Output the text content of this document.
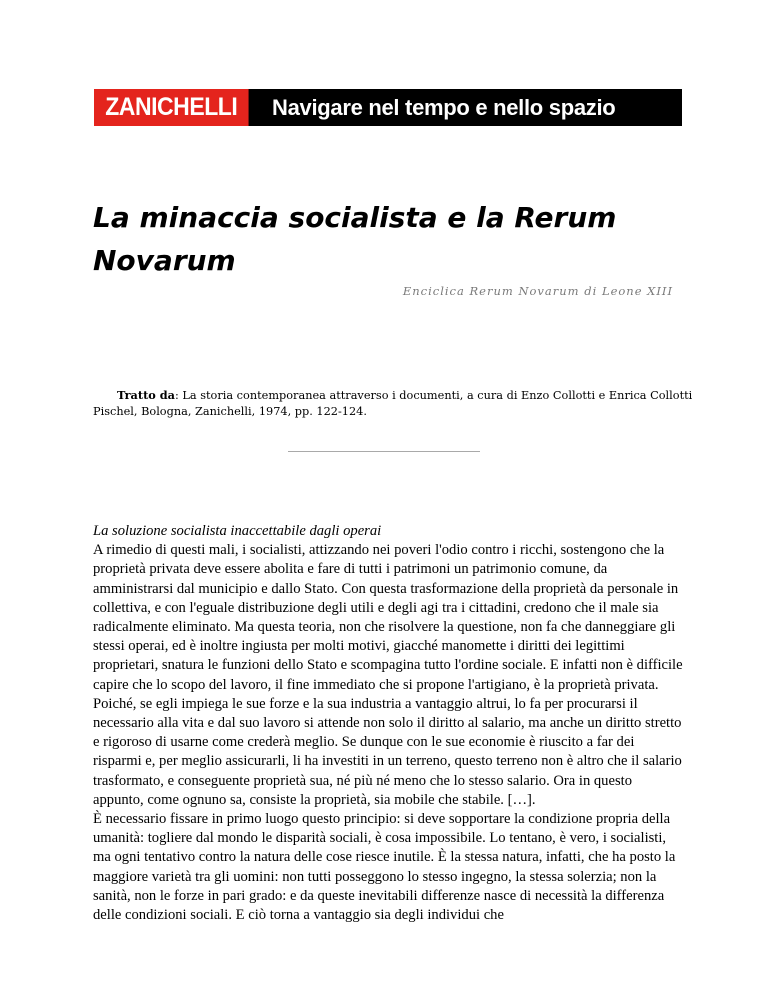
ZANICHELLI	Navigare nel tempo e nello spazio
La minaccia socialista e la Rerum Novarum
Enciclica Rerum Novarum di Leone XIII

Tratto da: La storia contemporanea attraverso i documenti, a cura di Enzo Collotti e Enrica Collotti Pischel, Bologna, Zanichelli, 1974, pp. 122-124.

La soluzione socialista inaccettabile dagli operai

A rimedio di questi mali, i socialisti, attizzando nei poveri l'odio contro i ricchi, sostengono che la proprietà privata deve essere abolita e fare di tutti i patrimoni un patrimonio comune, da amministrarsi dal municipio e dallo Stato. Con questa trasformazione della proprietà da personale in collettiva, e con l'eguale distribuzione degli utili e degli agi tra i cittadini, credono che il male sia radicalmente eliminato. Ma questa teoria, non che risolvere la questione, non fa che danneggiare gli stessi operai, ed è inoltre ingiusta per molti motivi, giacché manomette i diritti dei legittimi proprietari, snatura le funzioni dello Stato e scompagina tutto l'ordine sociale. E infatti non è difficile capire che lo scopo del lavoro, il fine immediato che si propone l'artigiano, è la proprietà privata. Poiché, se egli impiega le sue forze e la sua industria a vantaggio altrui, lo fa per procurarsi il necessario alla vita e dal suo lavoro si attende non solo il diritto al salario, ma anche un diritto stretto e rigoroso di usarne come crederà meglio. Se dunque con le sue economie è riuscito a far dei risparmi e, per meglio assicurarli, li ha investiti in un terreno, questo terreno non è altro che il salario trasformato, e conseguente proprietà sua, né più né meno che lo stesso salario. Ora in questo appunto, come ognuno sa, consiste la proprietà, sia mobile che stabile. […].

È necessario fissare in primo luogo questo principio: si deve sopportare la condizione propria della umanità: togliere dal mondo le disparità sociali, è cosa impossibile. Lo tentano, è vero, i socialisti, ma ogni tentativo contro la natura delle cose riesce inutile. È la stessa natura, infatti, che ha posto la maggiore varietà tra gli uomini: non tutti posseggono lo stesso ingegno, la stessa solerzia; non la sanità, non le forze in pari grado: e da queste inevitabili differenze nasce di necessità la differenza delle condizioni sociali. E ciò torna a vantaggio sia degli individui che
